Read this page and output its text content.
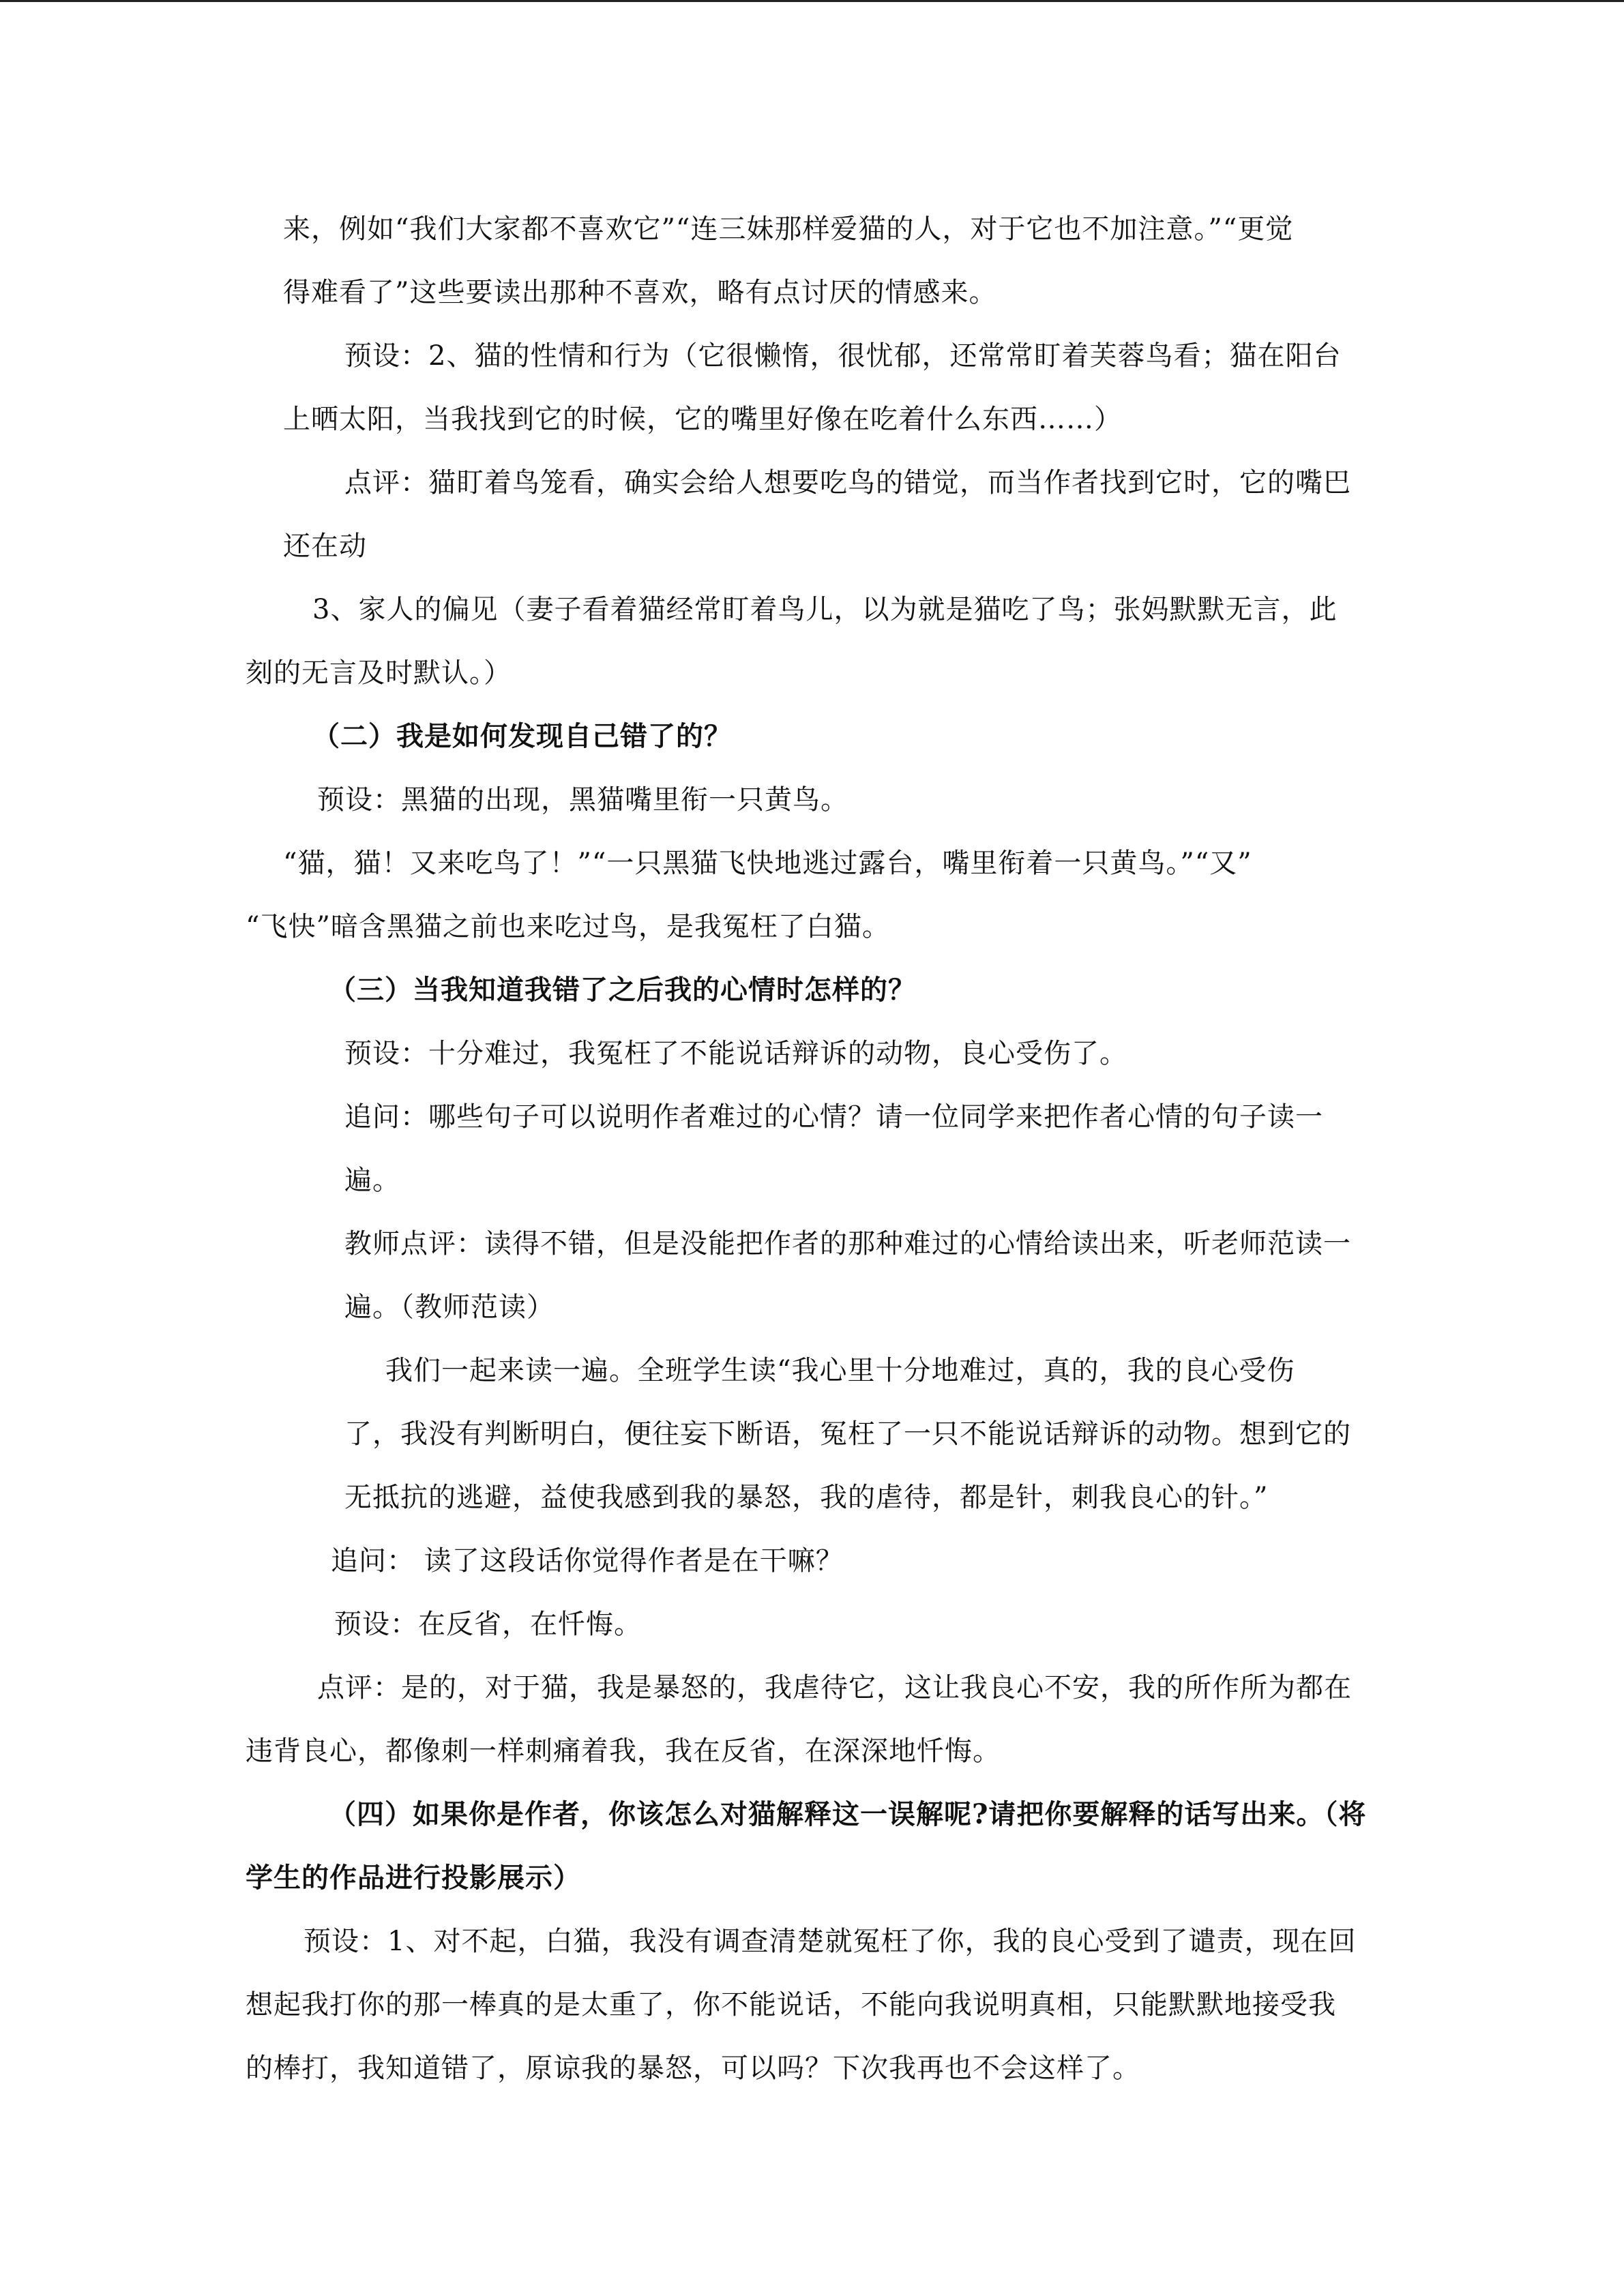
来，例如“我们大家都不喜欢它”“连三妹那样爱猫的人，对于它也不加注意。”“更觉
得难看了”这些要读出那种不喜欢，略有点讨厌的情感来。
预设：2、猫的性情和行为（它很懒惰，很忧郁，还常常盯着芙蓉鸟看；猫在阳台
上晒太阳，当我找到它的时候，它的嘴里好像在吃着什么东西……）
点评：猫盯着鸟笼看，确实会给人想要吃鸟的错觉，而当作者找到它时，它的嘴巴
还在动
3、家人的偏见（妻子看着猫经常盯着鸟儿，以为就是猫吃了鸟；张妈默默无言，此
刻的无言及时默认。）
（二）我是如何发现自己错了的？
预设：黑猫的出现，黑猫嘴里衔一只黄鸟。
“猫，猫！又来吃鸟了！”“一只黑猫飞快地逃过露台，嘴里衔着一只黄鸟。”“又”
“飞快”暗含黑猫之前也来吃过鸟，是我冤枉了白猫。
（三）当我知道我错了之后我的心情时怎样的？
预设：十分难过，我冤枉了不能说话辩诉的动物，良心受伤了。
追问：哪些句子可以说明作者难过的心情？请一位同学来把作者心情的句子读一
遍。
教师点评：读得不错，但是没能把作者的那种难过的心情给读出来，听老师范读一
遍。（教师范读）
我们一起来读一遍。全班学生读“我心里十分地难过，真的，我的良心受伤
了，我没有判断明白，便往妄下断语，冤枉了一只不能说话辩诉的动物。想到它的
无抵抗的逃避，益使我感到我的暴怒，我的虐待，都是针，刺我良心的针。”
追问： 读了这段话你觉得作者是在干嘛？
预设：在反省，在忏悔。
点评：是的，对于猫，我是暴怒的，我虐待它，这让我良心不安，我的所作所为都在
违背良心，都像刺一样刺痛着我，我在反省，在深深地忏悔。
（四）如果你是作者，你该怎么对猫解释这一误解呢?请把你要解释的话写出来。（将
学生的作品进行投影展示）
预设：1、对不起，白猫，我没有调查清楚就冤枉了你，我的良心受到了谴责，现在回
想起我打你的那一棒真的是太重了，你不能说话，不能向我说明真相，只能默默地接受我
的棒打，我知道错了，原谅我的暴怒，可以吗？下次我再也不会这样了。
